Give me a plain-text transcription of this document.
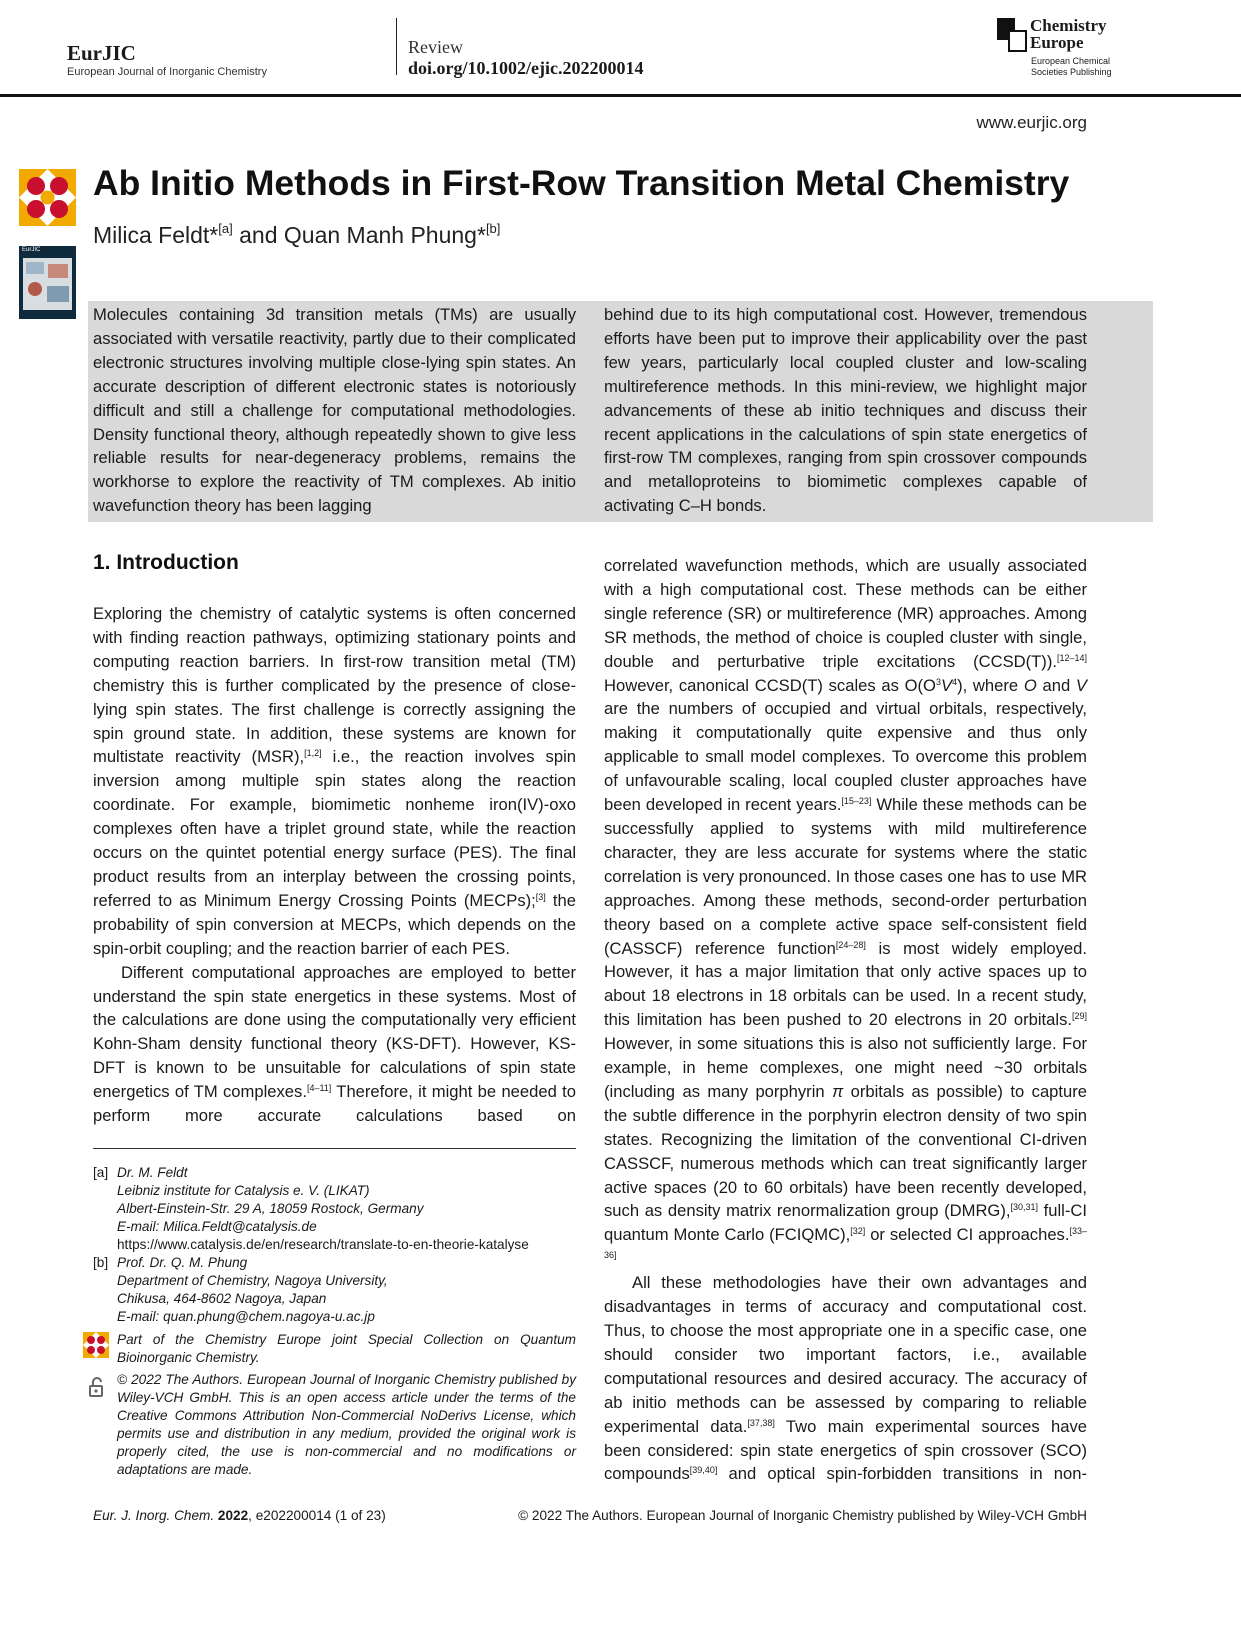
EurJIC
European Journal of Inorganic Chemistry
Review
doi.org/10.1002/ejic.202200014
Chemistry
Europe
European Chemical
Societies Publishing
www.eurjic.org
EurJIC
Ab Initio Methods in First-Row Transition Metal Chemistry
Milica Feldt*[a] and Quan Manh Phung*[b]
Molecules containing 3d transition metals (TMs) are usually associated with versatile reactivity, partly due to their complicated electronic structures involving multiple close-lying spin states. An accurate description of different electronic states is notoriously difficult and still a challenge for computational methodologies. Density functional theory, although repeatedly shown to give less reliable results for near-degeneracy problems, remains the workhorse to explore the reactivity of TM complexes. Ab initio wavefunction theory has been lagging
behind due to its high computational cost. However, tremendous efforts have been put to improve their applicability over the past few years, particularly local coupled cluster and low-scaling multireference methods. In this mini-review, we highlight major advancements of these ab initio techniques and discuss their recent applications in the calculations of spin state energetics of first-row TM complexes, ranging from spin crossover compounds and metalloproteins to biomimetic complexes capable of activating C–H bonds.
1. Introduction

Exploring the chemistry of catalytic systems is often concerned with finding reaction pathways, optimizing stationary points and computing reaction barriers. In first-row transition metal (TM) chemistry this is further complicated by the presence of close-lying spin states. The first challenge is correctly assigning the spin ground state. In addition, these systems are known for multistate reactivity (MSR),[1,2] i.e., the reaction involves spin inversion among multiple spin states along the reaction coordinate. For example, biomimetic nonheme iron(IV)-oxo complexes often have a triplet ground state, while the reaction occurs on the quintet potential energy surface (PES). The final product results from an interplay between the crossing points, referred to as Minimum Energy Crossing Points (MECPs);[3] the probability of spin conversion at MECPs, which depends on the spin-orbit coupling; and the reaction barrier of each PES.

Different computational approaches are employed to better understand the spin state energetics in these systems. Most of the calculations are done using the computationally very efficient Kohn-Sham density functional theory (KS-DFT). However, KS-DFT is known to be unsuitable for calculations of spin state energetics of TM complexes.[4–11] Therefore, it might be needed to perform more accurate calculations based on

[a] Dr. M. Feldt
Leibniz institute for Catalysis e. V. (LIKAT)
Albert-Einstein-Str. 29 A, 18059 Rostock, Germany
E-mail: Milica.Feldt@catalysis.de
https://www.catalysis.de/en/research/translate-to-en-theorie-katalyse
[b] Prof. Dr. Q. M. Phung
Department of Chemistry, Nagoya University,
Chikusa, 464-8602 Nagoya, Japan
E-mail: quan.phung@chem.nagoya-u.ac.jp
Part of the Chemistry Europe joint Special Collection on Quantum Bioinorganic Chemistry.
© 2022 The Authors. European Journal of Inorganic Chemistry published by Wiley-VCH GmbH. This is an open access article under the terms of the Creative Commons Attribution Non-Commercial NoDerivs License, which permits use and distribution in any medium, provided the original work is properly cited, the use is non-commercial and no modifications or adaptations are made.

correlated wavefunction methods, which are usually associated with a high computational cost. These methods can be either single reference (SR) or multireference (MR) approaches. Among SR methods, the method of choice is coupled cluster with single, double and perturbative triple excitations (CCSD(T)).[12–14] However, canonical CCSD(T) scales as $O(O^3V^4)$, where O and V are the numbers of occupied and virtual orbitals, respectively, making it computationally quite expensive and thus only applicable to small model complexes. To overcome this problem of unfavourable scaling, local coupled cluster approaches have been developed in recent years.[15–23] While these methods can be successfully applied to systems with mild multireference character, they are less accurate for systems where the static correlation is very pronounced. In those cases one has to use MR approaches. Among these methods, second-order perturbation theory based on a complete active space self-consistent field (CASSCF) reference function[24–28] is most widely employed. However, it has a major limitation that only active spaces up to about 18 electrons in 18 orbitals can be used. In a recent study, this limitation has been pushed to 20 electrons in 20 orbitals.[29] However, in some situations this is also not sufficiently large. For example, in heme complexes, one might need ~30 orbitals (including as many porphyrin π orbitals as possible) to capture the subtle difference in the porphyrin electron density of two spin states. Recognizing the limitation of the conventional CI-driven CASSCF, numerous methods which can treat significantly larger active spaces (20 to 60 orbitals) have been recently developed, such as density matrix renormalization group (DMRG),[30,31] full-CI quantum Monte Carlo (FCIQMC),[32] or selected CI approaches.[33–36]

All these methodologies have their own advantages and disadvantages in terms of accuracy and computational cost. Thus, to choose the most appropriate one in a specific case, one should consider two important factors, i.e., available computational resources and desired accuracy. The accuracy of ab initio methods can be assessed by comparing to reliable experimental data.[37,38] Two main experimental sources have been considered: spin state energetics of spin crossover (SCO) compounds[39,40] and optical spin-forbidden transitions in non-

Eur. J. Inorg. Chem. 2022, e202200014 (1 of 23)	© 2022 The Authors. European Journal of Inorganic Chemistry published by Wiley-VCH GmbH
